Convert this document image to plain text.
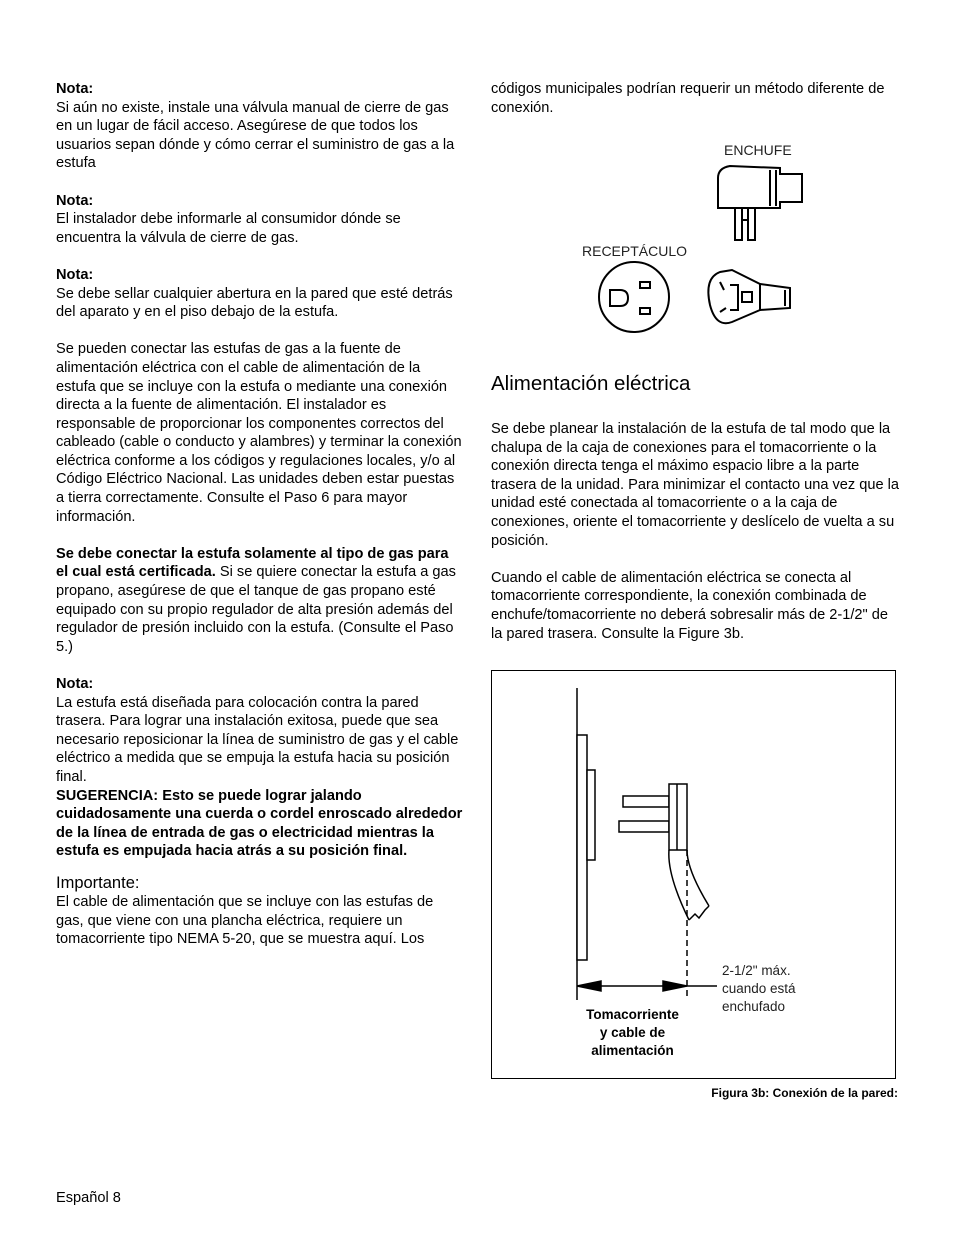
Nota:

Si aún no existe, instale una válvula manual de cierre de gas en un lugar de fácil acceso. Asegúrese de que todos los usuarios sepan dónde y cómo cerrar el suministro de gas a la estufa

Nota:

El instalador debe informarle al consumidor dónde se encuentra la válvula de cierre de gas.

Nota:

Se debe sellar cualquier abertura en la pared que esté detrás del aparato y en el piso debajo de la estufa.

Se pueden conectar las estufas de gas a la fuente de alimentación eléctrica con el cable de alimentación de la estufa que se incluye con la estufa o mediante una conexión directa a la fuente de alimentación. El instalador es responsable de proporcionar los componentes correctos del cableado (cable o conducto y alambres) y terminar la conexión eléctrica conforme a los códigos y regulaciones locales, y/o al Código Eléctrico Nacional. Las unidades deben estar puestas a tierra correctamente. Consulte el Paso 6 para mayor información.

Se debe conectar la estufa solamente al tipo de gas para el cual está certificada. Si se quiere conectar la estufa a gas propano, asegúrese de que el tanque de gas propano esté equipado con su propio regulador de alta presión además del regulador de presión incluido con la estufa. (Consulte el Paso 5.)

Nota:

La estufa está diseñada para colocación contra la pared trasera. Para lograr una instalación exitosa, puede que sea necesario reposicionar la línea de suministro de gas y el cable eléctrico a medida que se empuja la estufa hacia su posición final.

SUGERENCIA: Esto se puede lograr jalando cuidadosamente una cuerda o cordel enroscado alrededor de la línea de entrada de gas o electricidad mientras la estufa es empujada hacia atrás a su posición final.

Importante:

El cable de alimentación que se incluye con las estufas de gas, que viene con una plancha eléctrica, requiere un tomacorriente tipo NEMA 5-20, que se muestra aquí. Los

códigos municipales podrían requerir un método diferente de conexión.

ENCHUFE
RECEPTÁCULO
Alimentación eléctrica

Se debe planear la instalación de la estufa de tal modo que la chalupa de la caja de conexiones para el tomacorriente o la conexión directa tenga el máximo espacio libre a la parte trasera de la unidad. Para minimizar el contacto una vez que la unidad esté conectada al tomacorriente o a la caja de conexiones, oriente el tomacorriente y deslícelo de vuelta a su posición.

Cuando el cable de alimentación eléctrica se conecta al tomacorriente correspondiente, la conexión combinada de enchufe/tomacorriente no deberá sobresalir más de 2-1/2" de la pared trasera. Consulte la Figure 3b.

2-1/2" máx.
cuando está
enchufado
Tomacorriente
y cable de
alimentación
Figura 3b: Conexión de la pared:
Español 8
